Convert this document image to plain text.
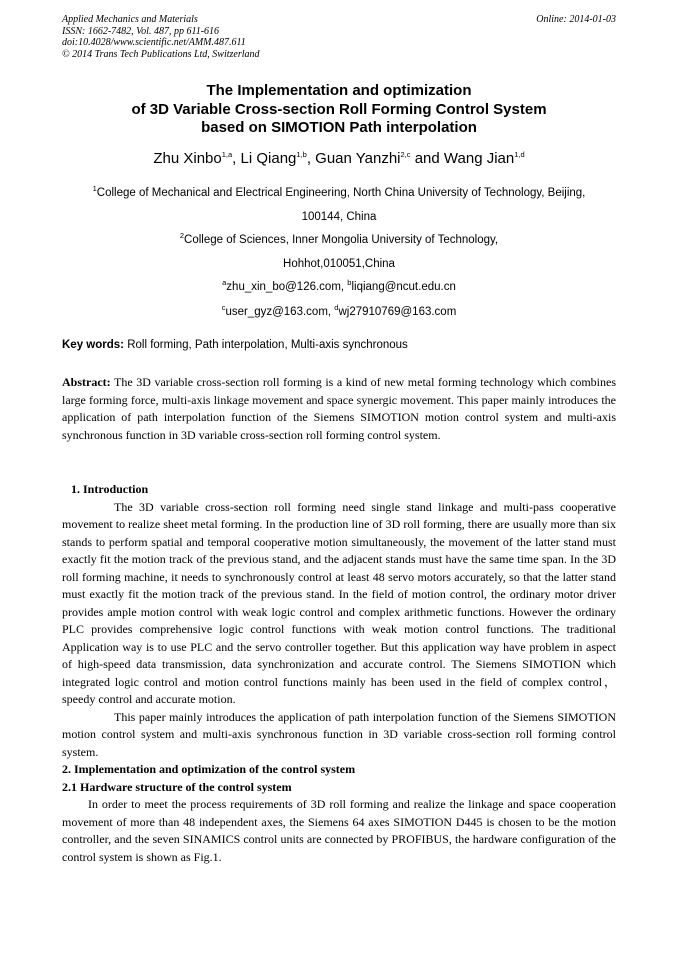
Applied Mechanics and Materials
ISSN: 1662-7482, Vol. 487, pp 611-616
doi:10.4028/www.scientific.net/AMM.487.611
© 2014 Trans Tech Publications Ltd, Switzerland
Online: 2014-01-03
The Implementation and optimization
of 3D Variable Cross-section Roll Forming Control System
based on SIMOTION Path interpolation
Zhu Xinbo$^{1,a}$, Li Qiang$^{1,b}$, Guan Yanzhi$^{2,c}$ and Wang Jian$^{1,d}$
$^1$College of Mechanical and Electrical Engineering, North China University of Technology, Beijing,
100144, China
$^2$College of Sciences, Inner Mongolia University of Technology,
Hohhot,010051,China
$^a$zhu_xin_bo@126.com, $^b$liqiang@ncut.edu.cn
$^c$user_gyz@163.com, $^d$wj27910769@163.com
Key words: Roll forming, Path interpolation, Multi-axis synchronous
Abstract: The 3D variable cross-section roll forming is a kind of new metal forming technology which combines large forming force, multi-axis linkage movement and space synergic movement. This paper mainly introduces the application of path interpolation function of the Siemens SIMOTION motion control system and multi-axis synchronous function in 3D variable cross-section roll forming control system.

1. Introduction

The 3D variable cross-section roll forming need single stand linkage and multi-pass cooperative movement to realize sheet metal forming. In the production line of 3D roll forming, there are usually more than six stands to perform spatial and temporal cooperative motion simultaneously, the movement of the latter stand must exactly fit the motion track of the previous stand, and the adjacent stands must have the same time span. In the 3D roll forming machine, it needs to synchronously control at least 48 servo motors accurately, so that the latter stand must exactly fit the motion track of the previous stand. In the field of motion control, the ordinary motor driver provides ample motion control with weak logic control and complex arithmetic functions. However the ordinary PLC provides comprehensive logic control functions with weak motion control functions. The traditional Application way is to use PLC and the servo controller together. But this application way have problem in aspect of high-speed data transmission, data synchronization and accurate control. The Siemens SIMOTION which integrated logic control and motion control functions mainly has been used in the field of complex control，speedy control and accurate motion.

This paper mainly introduces the application of path interpolation function of the Siemens SIMOTION motion control system and multi-axis synchronous function in 3D variable cross-section roll forming control system.

2. Implementation and optimization of the control system

2.1 Hardware structure of the control system

In order to meet the process requirements of 3D roll forming and realize the linkage and space cooperation movement of more than 48 independent axes, the Siemens 64 axes SIMOTION D445 is chosen to be the motion controller, and the seven SINAMICS control units are connected by PROFIBUS, the hardware configuration of the control system is shown as Fig.1.
